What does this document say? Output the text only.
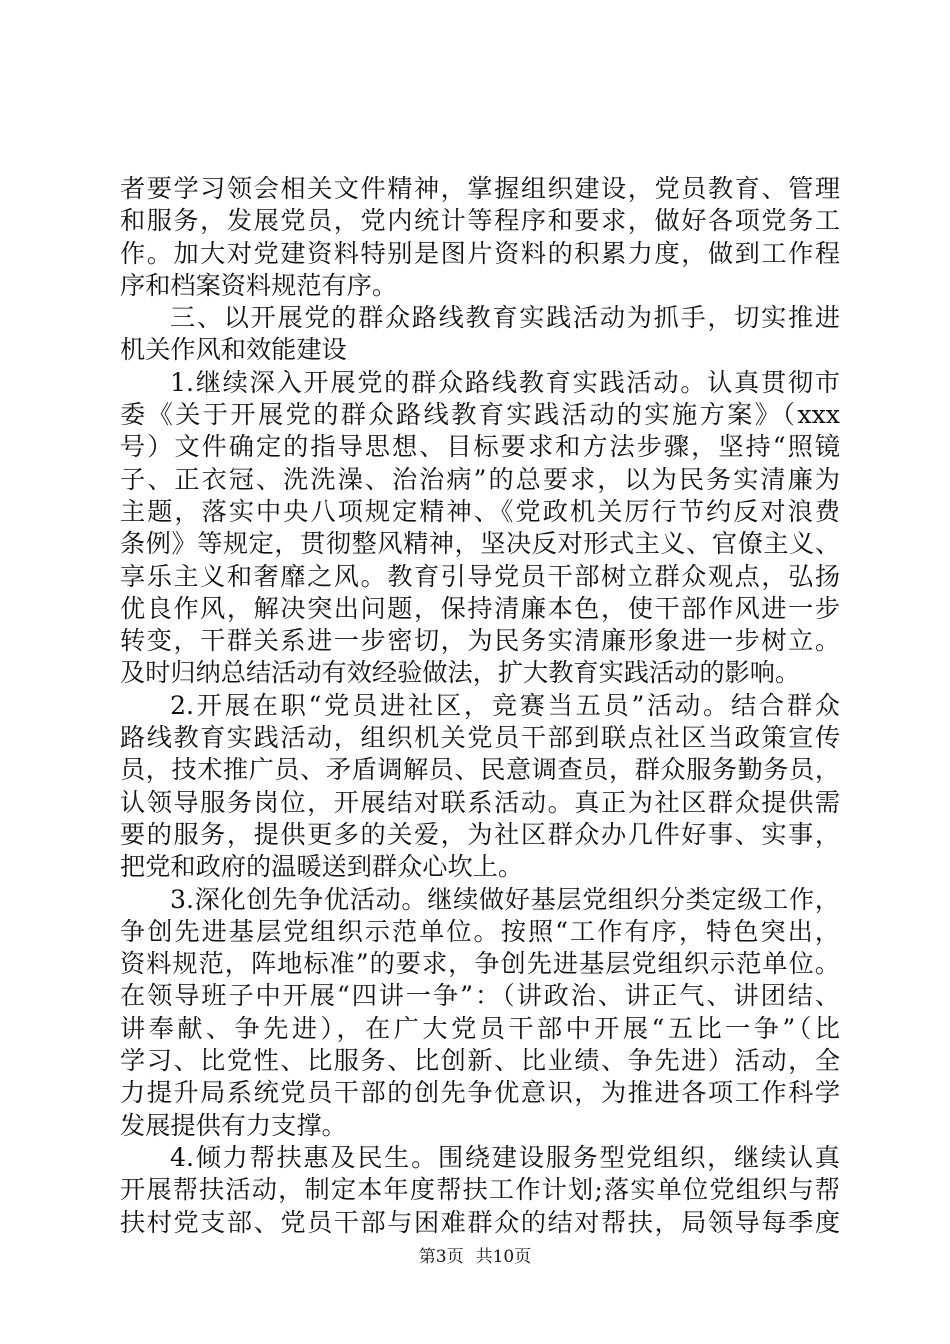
者要学习领会相关文件精神，掌握组织建设，党员教育、管理
和服务，发展党员，党内统计等程序和要求，做好各项党务工
作。加大对党建资料特别是图片资料的积累力度，做到工作程
序和档案资料规范有序。
三、以开展党的群众路线教育实践活动为抓手，切实推进
机关作风和效能建设
1.继续深入开展党的群众路线教育实践活动。认真贯彻市
委《关于开展党的群众路线教育实践活动的实施方案》（xxx
号）文件确定的指导思想、目标要求和方法步骤，坚持“照镜
子、正衣冠、洗洗澡、治治病”的总要求，以为民务实清廉为
主题，落实中央八项规定精神、《党政机关厉行节约反对浪费
条例》等规定，贯彻整风精神，坚决反对形式主义、官僚主义、
享乐主义和奢靡之风。教育引导党员干部树立群众观点，弘扬
优良作风，解决突出问题，保持清廉本色，使干部作风进一步
转变，干群关系进一步密切，为民务实清廉形象进一步树立。
及时归纳总结活动有效经验做法，扩大教育实践活动的影响。
2.开展在职“党员进社区，竞赛当五员”活动。结合群众
路线教育实践活动，组织机关党员干部到联点社区当政策宣传
员，技术推广员、矛盾调解员、民意调查员，群众服务勤务员，
认领导服务岗位，开展结对联系活动。真正为社区群众提供需
要的服务，提供更多的关爱，为社区群众办几件好事、实事，
把党和政府的温暖送到群众心坎上。
3.深化创先争优活动。继续做好基层党组织分类定级工作，
争创先进基层党组织示范单位。按照“工作有序，特色突出，
资料规范，阵地标准”的要求，争创先进基层党组织示范单位。
在领导班子中开展“四讲一争”：（讲政治、讲正气、讲团结、
讲奉献、争先进），在广大党员干部中开展“五比一争”（比
学习、比党性、比服务、比创新、比业绩、争先进）活动，全
力提升局系统党员干部的创先争优意识，为推进各项工作科学
发展提供有力支撑。
4.倾力帮扶惠及民生。围绕建设服务型党组织，继续认真
开展帮扶活动，制定本年度帮扶工作计划;落实单位党组织与帮
扶村党支部、党员干部与困难群众的结对帮扶，局领导每季度
第3页 共10页
